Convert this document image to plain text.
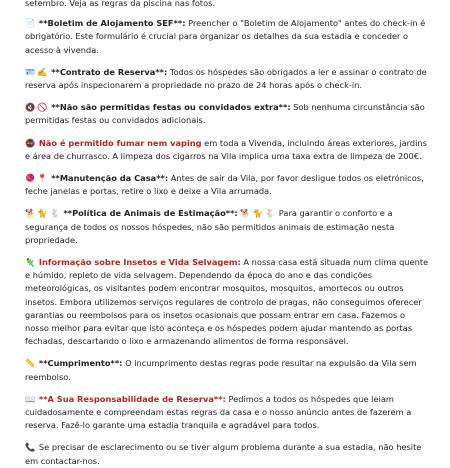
setembro. Veja as regras da piscina nas fotos.

📄 **Boletim de Alojamento SEF**: Preencher o "Boletim de Alojamento" antes do check-in é obrigatório. Este formulário é crucial para organizar os detalhes da sua estadia e conceder o acesso à vivenda.

🪪 ✍️ **Contrato de Reserva**: Todos os hóspedes são obrigados a ler e assinar o contrato de reserva após inspecionarem a propriedade no prazo de 24 horas após o check-in.

🔇 🚫 **Não são permitidas festas ou convidados extra**: Sob nenhuma circunstância são permitidas festas ou convidados adicionais.

🚭 Não é permitido fumar nem vaping em toda a Vivenda, incluindo áreas exteriores, jardins e área de churrasco. A limpeza dos cigarros na Vila implica uma taxa extra de limpeza de 200€.

🧶 📍 **Manutenção da Casa**: Antes de sair da Vila, por favor desligue todos os eletrónicos, feche janelas e portas, retire o lixo e deixe a Vila arrumada.

🐕 🐈 🐇 **Política de Animais de Estimação**: 🐕 🐈 🐇 Para garantir o conforto e a segurança de todos os nossos hóspedes, não são permitidos animais de estimação nesta propriedade.

🦎 Informação sobre Insetos e Vida Selvagem: A nossa casa está situada num clima quente e húmido, repleto de vida selvagem. Dependendo da época do ano e das condições meteorológicas, os visitantes podem encontrar mosquitos, mosquitos, amortecos ou outros insetos. Embora utilizemos serviços regulares de controlo de pragas, não conseguimos oferecer garantias ou reembolsos para os insetos ocasionais que possam entrar em casa. Fazemos o nosso melhor para evitar que isto aconteça e os hóspedes podem ajudar mantendo as portas fechadas, descartando o lixo e armazenando alimentos de forma responsável.

📏 **Cumprimento**: O incumprimento destas regras pode resultar na expulsão da Vila sem reembolso.

📖 **A Sua Responsabilidade de Reserva**: Pedimos a todos os hóspedes que leiam cuidadosamente e compreendam estas regras da casa e o nosso anúncio antes de fazerem a reserva. Fazê-lo garante uma estadia tranquila e agradável para todos.

📞 Se precisar de esclarecimento ou se tiver algum problema durante a sua estadia, não hesite em contactar-nos.
